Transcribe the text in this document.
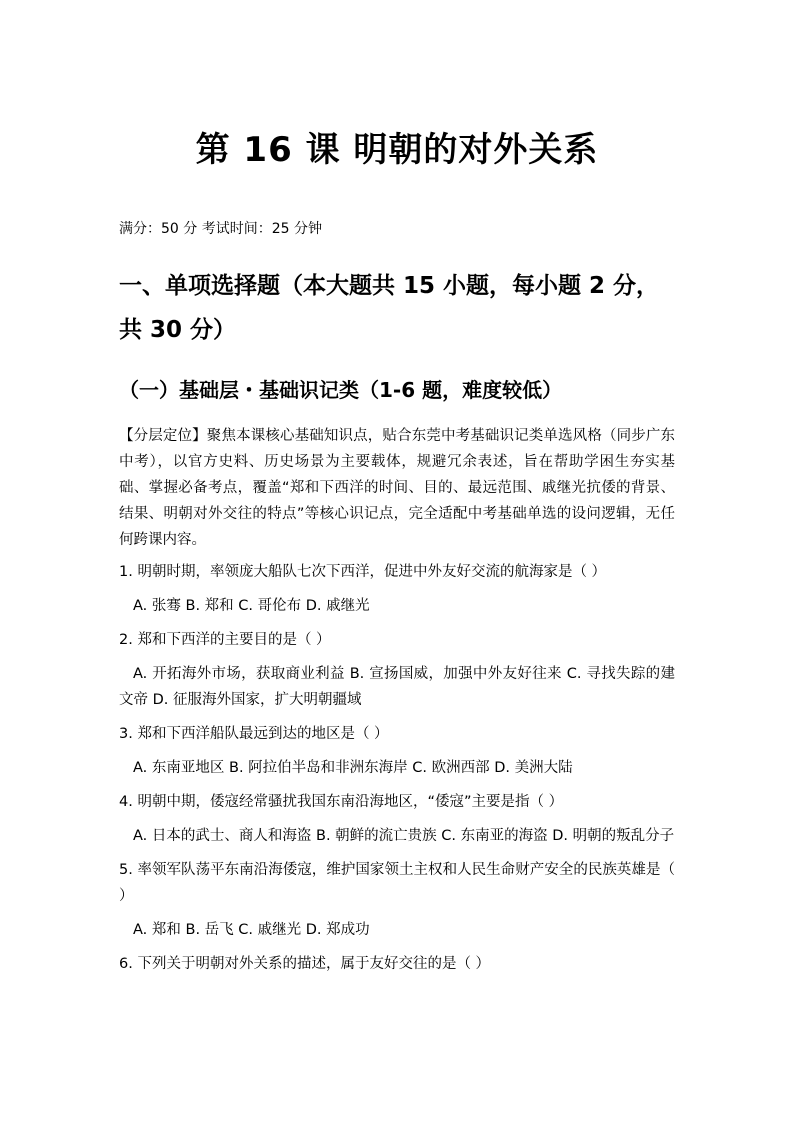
第 16 课 明朝的对外关系

满分：50 分 考试时间：25 分钟

一、单项选择题（本大题共 15 小题，每小题 2 分，共 30 分）
（一）基础层・基础识记类（1-6 题，难度较低）

【分层定位】聚焦本课核心基础知识点，贴合东莞中考基础识记类单选风格（同步广东中考），以官方史料、历史场景为主要载体，规避冗余表述，旨在帮助学困生夯实基础、掌握必备考点，覆盖“郑和下西洋的时间、目的、最远范围、戚继光抗倭的背景、结果、明朝对外交往的特点”等核心识记点，完全适配中考基础单选的设问逻辑，无任何跨课内容。

1. 明朝时期，率领庞大船队七次下西洋，促进中外友好交流的航海家是（ ）

A. 张骞 B. 郑和 C. 哥伦布 D. 戚继光

2. 郑和下西洋的主要目的是（ ）

A. 开拓海外市场，获取商业利益 B. 宣扬国威，加强中外友好往来 C. 寻找失踪的建文帝 D. 征服海外国家，扩大明朝疆域

3. 郑和下西洋船队最远到达的地区是（ ）

A. 东南亚地区 B. 阿拉伯半岛和非洲东海岸 C. 欧洲西部 D. 美洲大陆

4. 明朝中期，倭寇经常骚扰我国东南沿海地区，“倭寇”主要是指（ ）

A. 日本的武士、商人和海盗 B. 朝鲜的流亡贵族 C. 东南亚的海盗 D. 明朝的叛乱分子

5. 率领军队荡平东南沿海倭寇，维护国家领土主权和人民生命财产安全的民族英雄是（ ）

A. 郑和 B. 岳飞 C. 戚继光 D. 郑成功

6. 下列关于明朝对外关系的描述，属于友好交往的是（ ）
